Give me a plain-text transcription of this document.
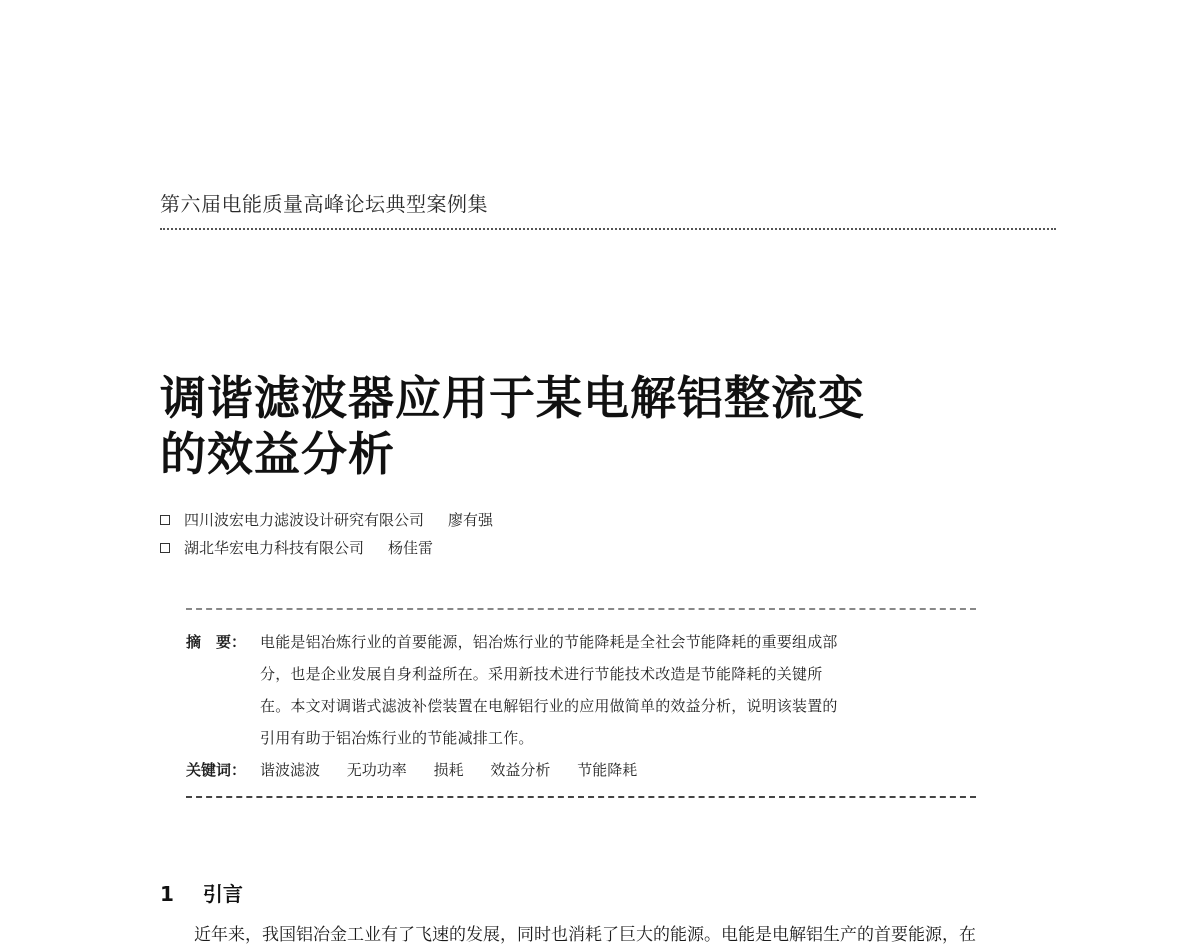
第六届电能质量高峰论坛典型案例集
调谐滤波器应用于某电解铝整流变
的效益分析
四川波宏电力滤波设计研究有限公司 廖有强
湖北华宏电力科技有限公司 杨佳雷
摘　要： 电能是铝冶炼行业的首要能源，铝冶炼行业的节能降耗是全社会节能降耗的重要组成部
分，也是企业发展自身利益所在。采用新技术进行节能技术改造是节能降耗的关键所
在。本文对调谐式滤波补偿装置在电解铝行业的应用做简单的效益分析，说明该装置的
引用有助于铝冶炼行业的节能减排工作。
关键词： 谐波滤波 无功功率 损耗 效益分析 节能降耗
1 引言
近年来，我国铝冶金工业有了飞速的发展，同时也消耗了巨大的能源。电能是电解铝生产的首要能源，在
